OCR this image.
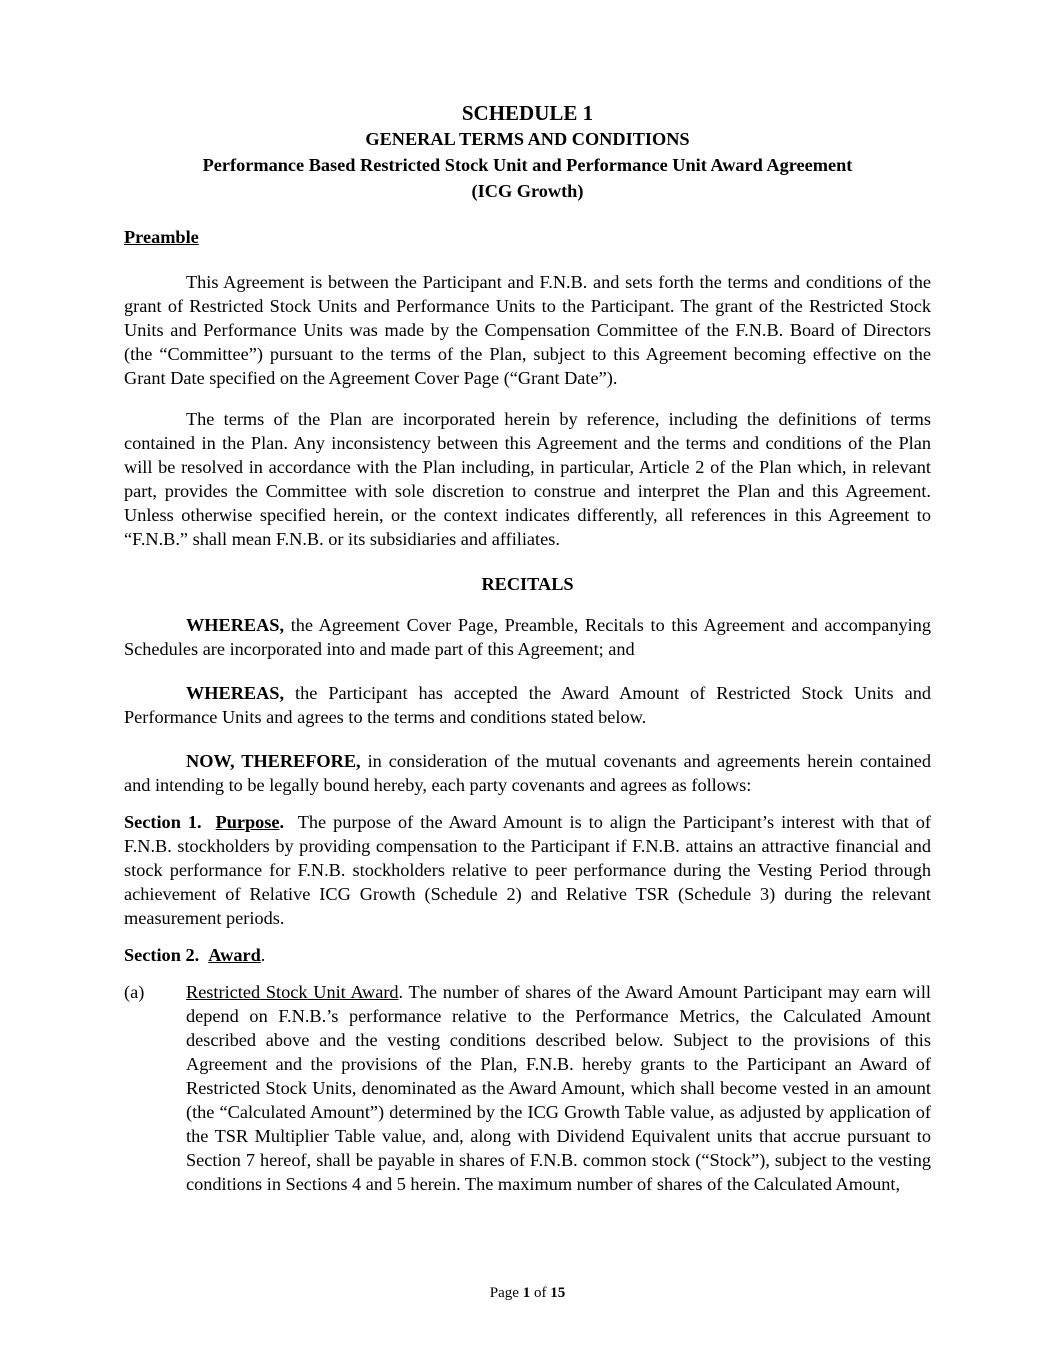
SCHEDULE 1
GENERAL TERMS AND CONDITIONS
Performance Based Restricted Stock Unit and Performance Unit Award Agreement
(ICG Growth)
Preamble

This Agreement is between the Participant and F.N.B. and sets forth the terms and conditions of the grant of Restricted Stock Units and Performance Units to the Participant. The grant of the Restricted Stock Units and Performance Units was made by the Compensation Committee of the F.N.B. Board of Directors (the “Committee”) pursuant to the terms of the Plan, subject to this Agreement becoming effective on the Grant Date specified on the Agreement Cover Page (“Grant Date”).

The terms of the Plan are incorporated herein by reference, including the definitions of terms contained in the Plan. Any inconsistency between this Agreement and the terms and conditions of the Plan will be resolved in accordance with the Plan including, in particular, Article 2 of the Plan which, in relevant part, provides the Committee with sole discretion to construe and interpret the Plan and this Agreement. Unless otherwise specified herein, or the context indicates differently, all references in this Agreement to “F.N.B.” shall mean F.N.B. or its subsidiaries and affiliates.

RECITALS

WHEREAS, the Agreement Cover Page, Preamble, Recitals to this Agreement and accompanying Schedules are incorporated into and made part of this Agreement; and

WHEREAS, the Participant has accepted the Award Amount of Restricted Stock Units and Performance Units and agrees to the terms and conditions stated below.

NOW, THEREFORE, in consideration of the mutual covenants and agreements herein contained and intending to be legally bound hereby, each party covenants and agrees as follows:

Section 1. Purpose. The purpose of the Award Amount is to align the Participant’s interest with that of F.N.B. stockholders by providing compensation to the Participant if F.N.B. attains an attractive financial and stock performance for F.N.B. stockholders relative to peer performance during the Vesting Period through achievement of Relative ICG Growth (Schedule 2) and Relative TSR (Schedule 3) during the relevant measurement periods.

Section 2. Award.

(a)	Restricted Stock Unit Award. The number of shares of the Award Amount Participant may earn will depend on F.N.B.’s performance relative to the Performance Metrics, the Calculated Amount described above and the vesting conditions described below. Subject to the provisions of this Agreement and the provisions of the Plan, F.N.B. hereby grants to the Participant an Award of Restricted Stock Units, denominated as the Award Amount, which shall become vested in an amount (the “Calculated Amount”) determined by the ICG Growth Table value, as adjusted by application of the TSR Multiplier Table value, and, along with Dividend Equivalent units that accrue pursuant to Section 7 hereof, shall be payable in shares of F.N.B. common stock (“Stock”), subject to the vesting conditions in Sections 4 and 5 herein. The maximum number of shares of the Calculated Amount,
Page 1 of 15
